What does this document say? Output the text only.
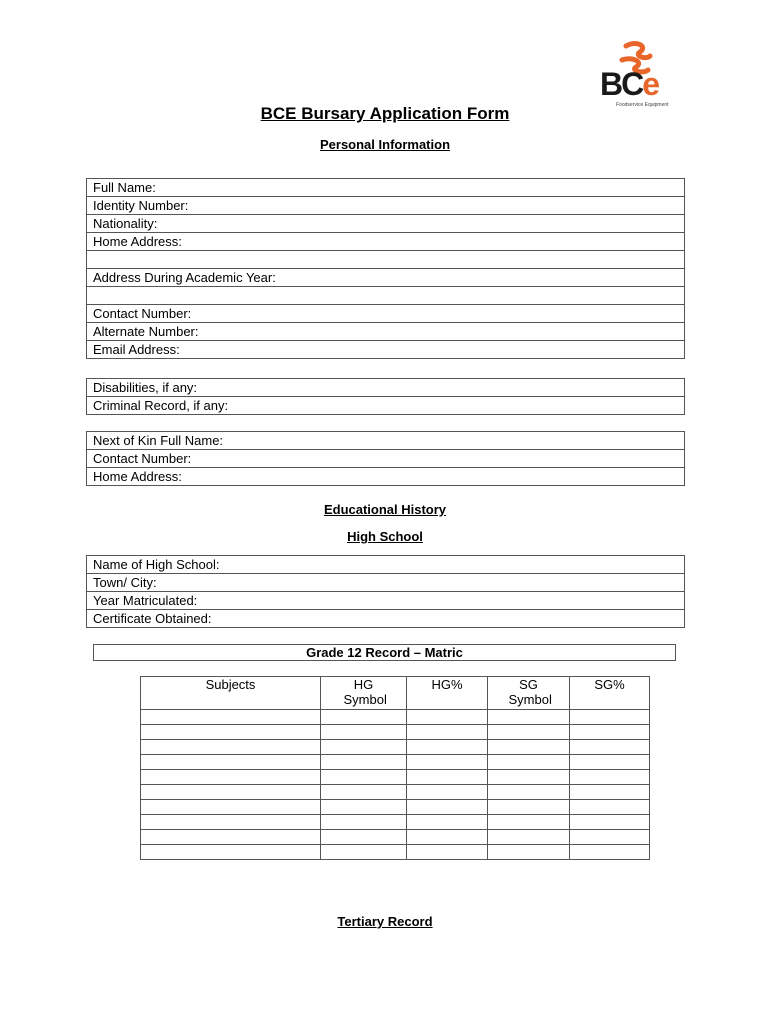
BCe
Foodservice Equipment
BCE Bursary Application Form
Personal Information
Full Name:
Identity Number:
Nationality:
Home Address:

Address During Academic Year:

Contact Number:
Alternate Number:
Email Address:
Disabilities, if any:
Criminal Record, if any:
Next of Kin Full Name:
Contact Number:
Home Address:
Educational History
High School
Name of High School:
Town/ City:
Year Matriculated:
Certificate Obtained:
Grade 12 Record – Matric
Subjects	HG Symbol	HG%	SG Symbol	SG%

Tertiary Record
